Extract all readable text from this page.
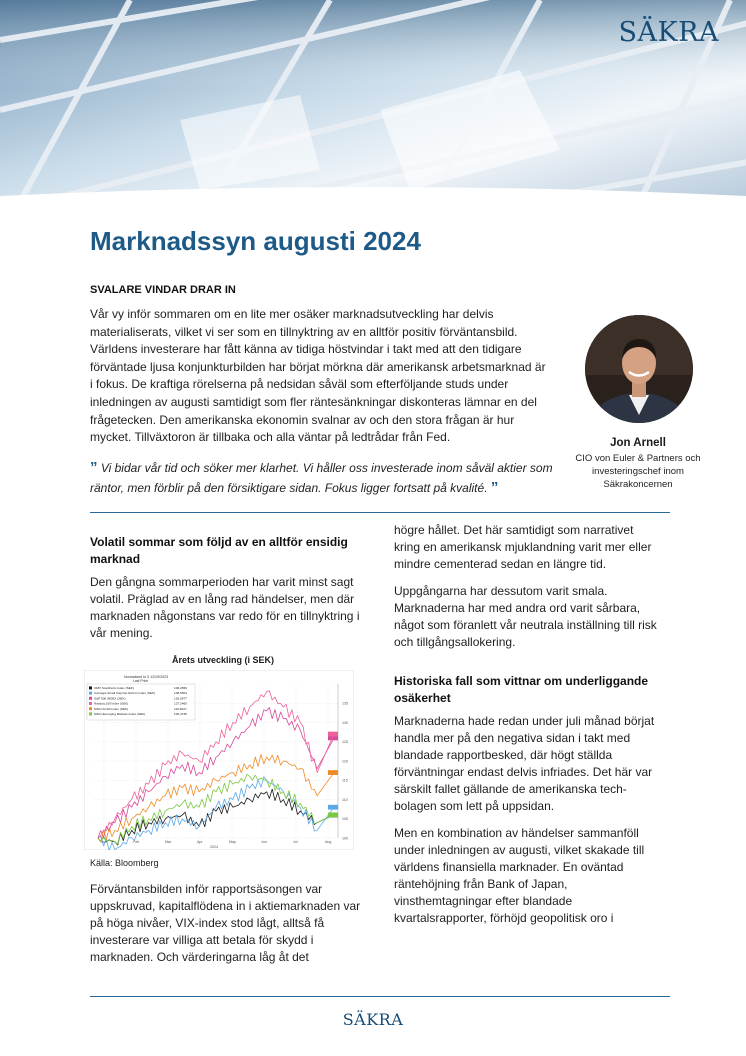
SÄKRA
Marknadssyn augusti 2024
SVALARE VINDAR DRAR IN

Vår vy inför sommaren om en lite mer osäker marknadsutveckling har delvis materialiserats, vilket vi ser som en tillnyktring av en alltför positiv förväntansbild. Världens investerare har fått känna av tidiga höstvindar i takt med att den tidigare förväntade ljusa konjunkturbilden har börjat mörkna där amerikansk arbetsmarknad är i fokus. De kraftiga rörelserna på nedsidan såväl som efterföljande studs under inledningen av augusti samtidigt som fler räntesänkningar diskonteras lämnar en del frågetecken. Den amerikanska ekonomin svalnar av och den stora frågan är hur mycket. Tillväxtoron är tillbaka och alla väntar på ledtrådar från Fed.	Jon Arnell
CIO von Euler & Partners och investeringschef inom Säkrakoncernen
” Vi bidar vår tid och söker mer klarhet. Vi håller oss investerade inom såväl aktier som räntor, men förblir på den försiktigare sidan. Fokus ligger fortsatt på kvalité. ”
Volatil sommar som följd av en alltför ensidig marknad

Den gångna sommarperioden har varit minst sagt volatil. Präglad av en lång rad händelser, men där marknaden någonstans var redo för en tillnyktring i vår mening.

Årets utveckling (i SEK)
100
105
110
115
120
125
130
135
Jan	Feb	Mar	Apr	May	Jun	Jul	Aug
Normalized to 0 12/29/2023
Last Price
OMX Stockholm Index (SEK)	106.2659
Carnegie Small Cap Net Return Index (SEK)	108.5503
S&P 500 INDEX (SEK)	126.0977
Nasdaq 100 Index (SEK)	127.2460
MSCI ACWI Index (SEK)	116.6027
MSCI Emerging Markets Index (SEK)	106.4735
2024
Källa: Bloomberg

Förväntansbilden inför rapportsäsongen var uppskruvad, kapitalflödena in i aktiemarknaden var på höga nivåer, VIX-index stod lågt, alltså få investerare var villiga att betala för skydd i marknaden. Och värderingarna låg åt det

högre hållet. Det här samtidigt som narrativet kring en amerikansk mjuklandning varit mer eller mindre cementerad sedan en längre tid.

Uppgångarna har dessutom varit smala. Marknaderna har med andra ord varit sårbara, något som föranlett vår neutrala inställning till risk och tillgångsallokering.

Historiska fall som vittnar om underliggande osäkerhet

Marknaderna hade redan under juli månad börjat handla mer på den negativa sidan i takt med blandade rapportbesked, där högt ställda förväntningar endast delvis infriades. Det här var särskilt fallet gällande de amerikanska tech-bolagen som lett på uppsidan.

Men en kombination av händelser sammanföll under inledningen av augusti, vilket skakade till världens finansiella marknader. En oväntad räntehöjning från Bank of Japan, vinsthemtagningar efter blandade kvartalsrapporter, förhöjd geopolitisk oro i

SÄKRA
